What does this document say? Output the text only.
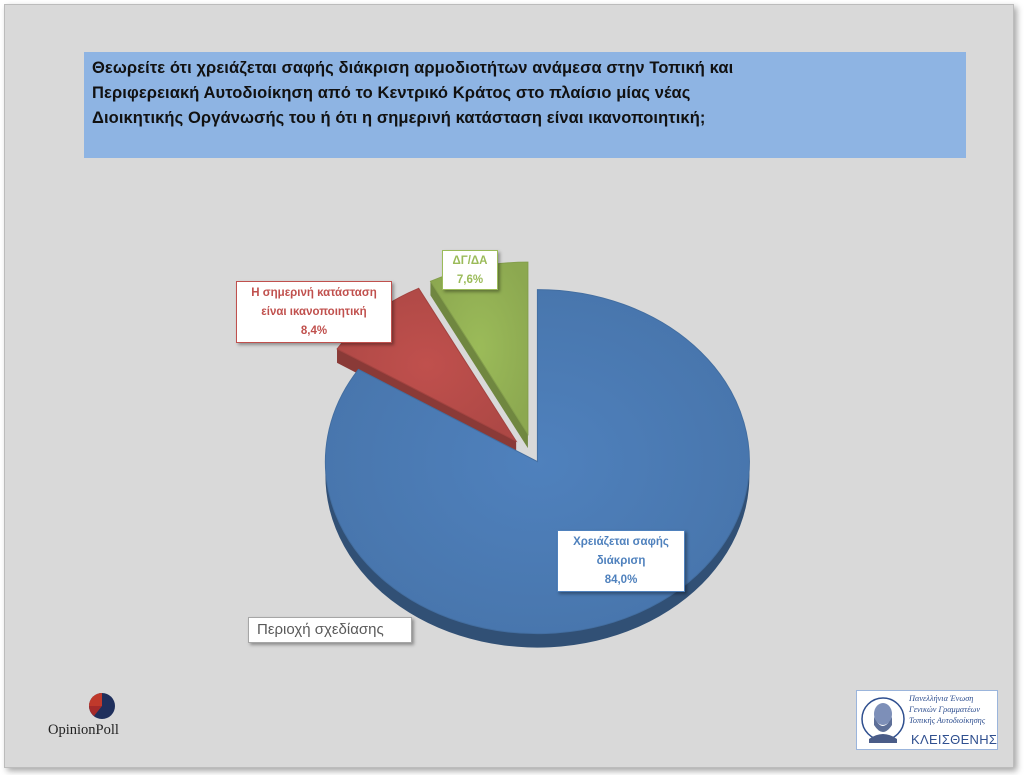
Θεωρείτε ότι χρειάζεται σαφής διάκριση αρμοδιοτήτων ανάμεσα στην Τοπική και
Περιφερειακή Αυτοδιοίκηση από το Κεντρικό Κράτος στο πλαίσιο μίας νέας
Διοικητικής Οργάνωσής του ή ότι η σημερινή κατάσταση είναι ικανοποιητική;
Η σημερινή κατάσταση
είναι ικανοποιητική
8,4%
ΔΓ/ΔΑ
7,6%
Χρειάζεται σαφής
διάκριση
84,0%
Περιοχή σχεδίασης
OpinionPoll
Πανελλήνια Ένωση
Γενικών Γραμματέων
Τοπικής Αυτοδιοίκησης
ΚΛΕΙΣΘΕΝΗΣ
